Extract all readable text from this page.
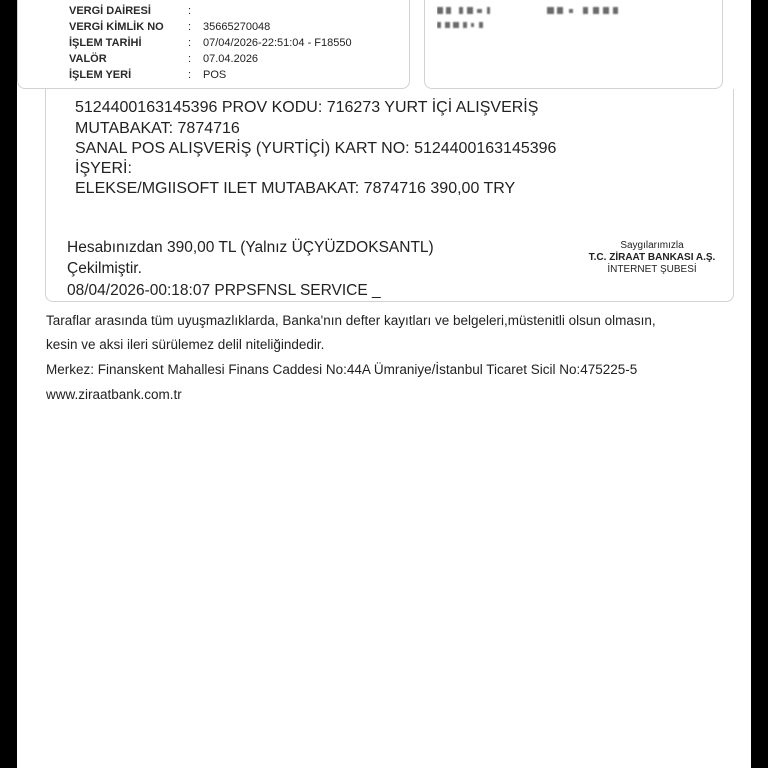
VERGİ DAİRESİ	:
VERGİ KİMLİK NO : 35665270048
İŞLEM TARİHİ	: 07/04/2026-22:51:04 - F18550
VALÖR	: 07.04.2026
İŞLEM YERİ	: POS
5124400163145396 PROV KODU: 716273 YURT İÇİ ALIŞVERİŞ
MUTABAKAT: 7874716
SANAL POS ALIŞVERİŞ (YURTİÇİ) KART NO: 5124400163145396
İŞYERİ:
ELEKSE/MGIISOFT ILET MUTABAKAT: 7874716 390,00 TRY
Hesabınızdan 390,00 TL (Yalnız ÜÇYÜZDOKSANTL)
Çekilmiştir.
08/04/2026-00:18:07 PRPSFNSL SERVICE _
Saygılarımızla
T.C. ZİRAAT BANKASI A.Ş.
İNTERNET ŞUBESİ
Taraflar arasında tüm uyuşmazlıklarda, Banka'nın defter kayıtları ve belgeleri,müstenitli olsun olmasın,
kesin ve aksi ileri sürülemez delil niteliğindedir.
Merkez: Finanskent Mahallesi Finans Caddesi No:44A Ümraniye/İstanbul Ticaret Sicil No:475225-5
www.ziraatbank.com.tr
